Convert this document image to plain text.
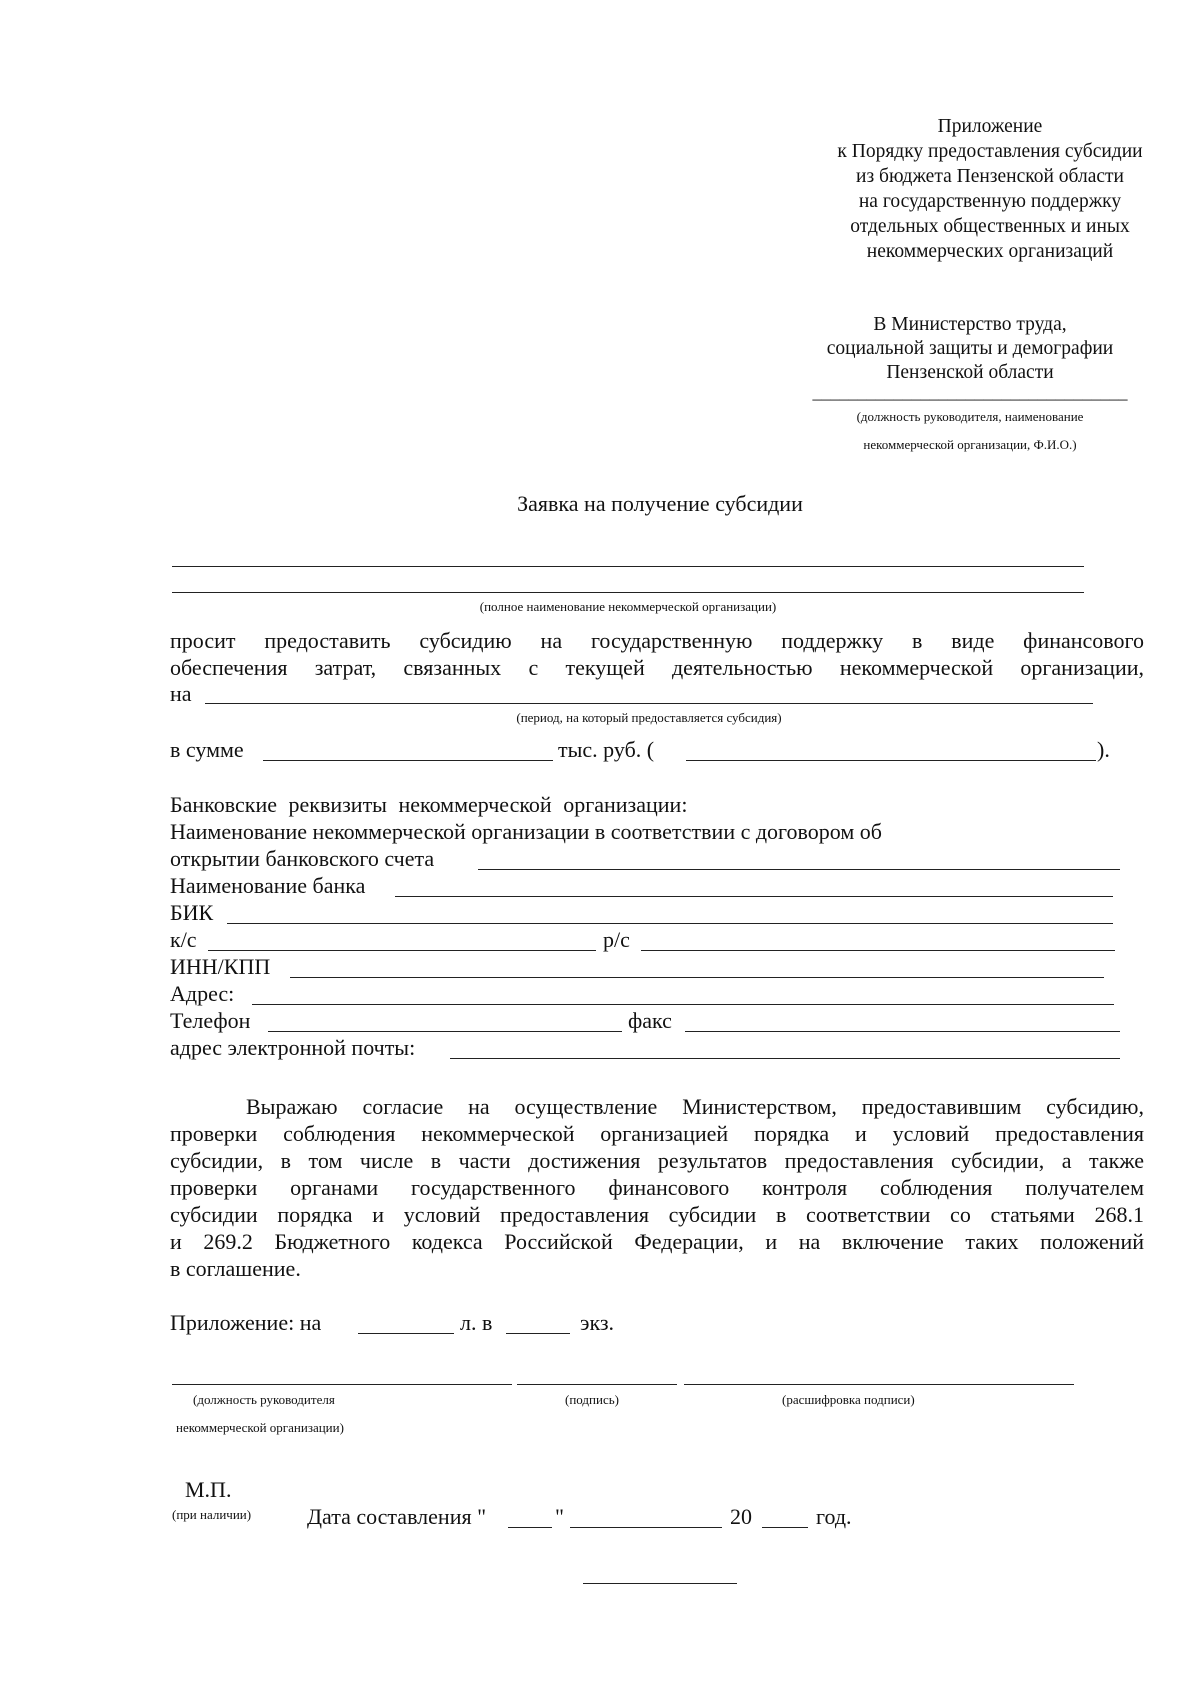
Приложение
к Порядку предоставления субсидии
из бюджета Пензенской области
на государственную поддержку
отдельных общественных и иных
некоммерческих организаций
В Министерство труда,
социальной защиты и демографии
Пензенской области
___________________________________
(должность руководителя, наименование
некоммерческой организации, Ф.И.О.)
Заявка на получение субсидии
(полное наименование некоммерческой организации)
просит предоставить субсидию на государственную поддержку в виде финансового
обеспечения затрат, связанных с текущей деятельностью некоммерческой организации,
на
(период, на который предоставляется субсидия)
в сумме	тыс. руб. (	).
Банковские реквизиты некоммерческой организации:
Наименование некоммерческой организации в соответствии с договором об
открытии банковского счета
Наименование банка
БИК
к/с	р/с
ИНН/КПП
Адрес:
Телефон	факс
адрес электронной почты:
Выражаю согласие на осуществление Министерством, предоставившим субсидию,
проверки соблюдения некоммерческой организацией порядка и условий предоставления
субсидии, в том числе в части достижения результатов предоставления субсидии, а также
проверки органами государственного финансового контроля соблюдения получателем
субсидии порядка и условий предоставления субсидии в соответствии со статьями 268.1
и 269.2 Бюджетного кодекса Российской Федерации, и на включение таких положений
в соглашение.
Приложение: на	л. в	экз.
(должность руководителя	(подпись)	(расшифровка подписи)
некоммерческой организации)
М.П.
(при наличии)	Дата составления "	"	20	год.
